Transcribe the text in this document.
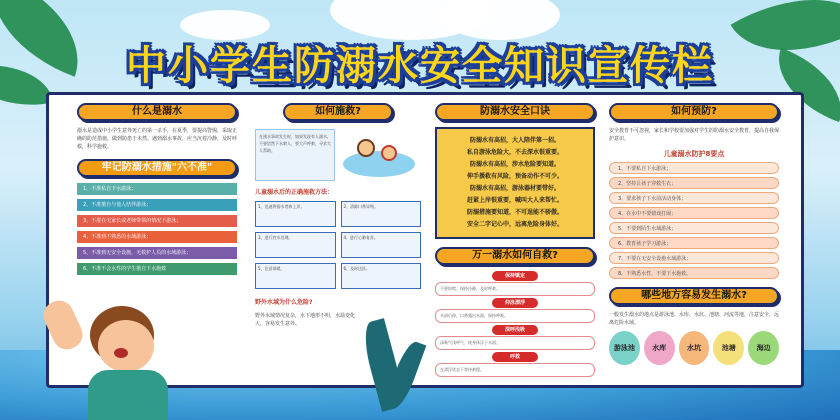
中小学生防溺水安全知识宣传栏
什么是溺水
溺水是造成中小学生意外死亡的第一杀手，在夏季，要提高警惕，采取正确的防范措施，做到防患于未然。遇到溺水事故，应当沉着冷静，及时呼救，科学施救。
牢记防溺水措施"六不准"
1、不准私自下水游泳；
2、不准擅自与他人结伴游泳；
3、不准在无家长或老师带领的情况下游泳；
4、不准到不熟悉的水域游泳；
5、不准到无安全设施、无救护人员的水域游泳；
6、不准不会水性的学生擅自下水施救
如何施救?
在溺水事故发生时，如果发现有人溺水，不要贸然下水救人，要大声呼救，寻求大人帮助。
儿童溺水后的正确施救方法：
1、迅速将溺水者救上岸。	2、清除口鼻异物。
3、进行控水处理。	4、进行心肺复苏。
5、注意保暖。	6、及时送医。
野外水域为什么危险?
野外水域情况复杂，水下地形不明，水温变化大，容易发生意外。
防溺水安全口诀
防溺水有高招，大人陪伴第一招。
私自游泳危险大，不去深水很重要。
防溺水有高招，涉水危险要知道。
伸手援救有风险，预备动作不可少。
防溺水有高招，游泳器材要带好。
赶紧上岸很重要，喊叫大人来帮忙。
防溺措施要知道，不可逞能不骄傲。
安全二字记心中，远离危险身体好。
万一溺水如何自救?
保持镇定
不要惊慌，保持冷静，及时呼救。
仰泳漂浮
头部后仰，口鼻露出水面，保持呼吸。
深呼浅吸
深吸气浅呼气，使身体浮于水面。
呼救
在漂浮状态下等待救援。
如何预防?
安全教育不可忽视，家长和学校要加强对学生的防溺水安全教育，提高自我保护意识。
儿童溺水防护8要点
1、不要私自下水游泳；
2、坚持让孩子穿救生衣；
3、要求孩子下水前活动身体；
4、在水中不要嬉戏打闹；
5、不要到陌生水域游泳；
6、教育孩子学习游泳；
7、不要在无安全设施水域游泳；
8、不熟悉水性，不要下水施救。
哪些地方容易发生溺水?
一般发生溺水的地点是游泳池、水库、水坑、池塘、河流等地，注意安全，远离危险水域。
游泳池	水库	水坑	池塘	海边
